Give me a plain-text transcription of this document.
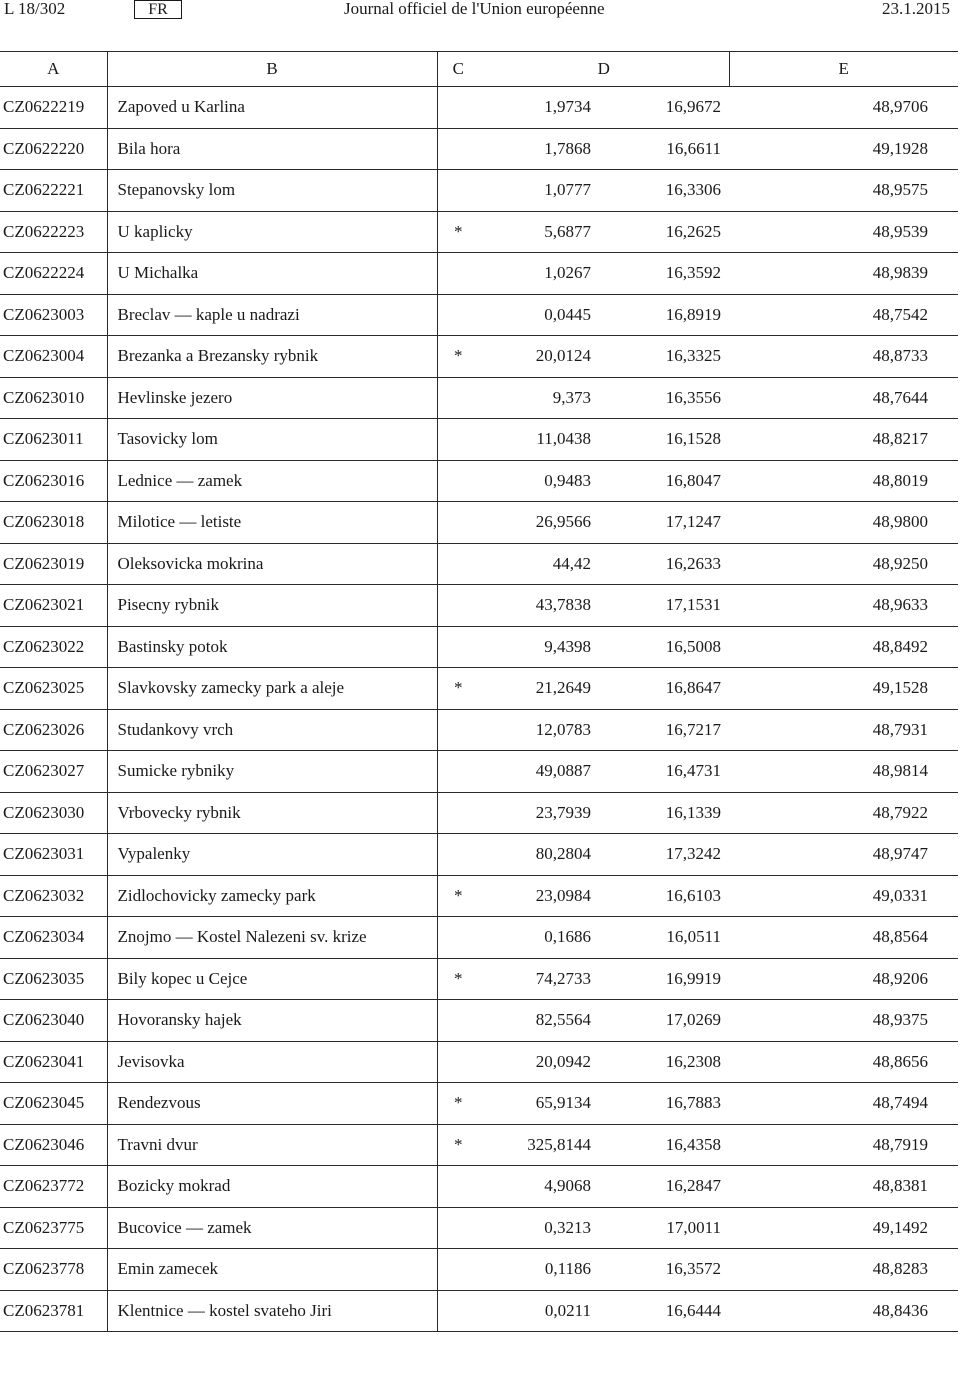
L 18/302	FR	Journal officiel de l'Union européenne	23.1.2015
A	B	C	D		E
CZ0622219	Zapoved u Karlina		1,9734	16,9672	48,9706
CZ0622220	Bila hora		1,7868	16,6611	49,1928
CZ0622221	Stepanovsky lom		1,0777	16,3306	48,9575
CZ0622223	U kaplicky	*	5,6877	16,2625	48,9539
CZ0622224	U Michalka		1,0267	16,3592	48,9839
CZ0623003	Breclav — kaple u nadrazi		0,0445	16,8919	48,7542
CZ0623004	Brezanka a Brezansky rybnik	*	20,0124	16,3325	48,8733
CZ0623010	Hevlinske jezero		9,373	16,3556	48,7644
CZ0623011	Tasovicky lom		11,0438	16,1528	48,8217
CZ0623016	Lednice — zamek		0,9483	16,8047	48,8019
CZ0623018	Milotice — letiste		26,9566	17,1247	48,9800
CZ0623019	Oleksovicka mokrina		44,42	16,2633	48,9250
CZ0623021	Pisecny rybnik		43,7838	17,1531	48,9633
CZ0623022	Bastinsky potok		9,4398	16,5008	48,8492
CZ0623025	Slavkovsky zamecky park a aleje	*	21,2649	16,8647	49,1528
CZ0623026	Studankovy vrch		12,0783	16,7217	48,7931
CZ0623027	Sumicke rybniky		49,0887	16,4731	48,9814
CZ0623030	Vrbovecky rybnik		23,7939	16,1339	48,7922
CZ0623031	Vypalenky		80,2804	17,3242	48,9747
CZ0623032	Zidlochovicky zamecky park	*	23,0984	16,6103	49,0331
CZ0623034	Znojmo — Kostel Nalezeni sv. krize		0,1686	16,0511	48,8564
CZ0623035	Bily kopec u Cejce	*	74,2733	16,9919	48,9206
CZ0623040	Hovoransky hajek		82,5564	17,0269	48,9375
CZ0623041	Jevisovka		20,0942	16,2308	48,8656
CZ0623045	Rendezvous	*	65,9134	16,7883	48,7494
CZ0623046	Travni dvur	*	325,8144	16,4358	48,7919
CZ0623772	Bozicky mokrad		4,9068	16,2847	48,8381
CZ0623775	Bucovice — zamek		0,3213	17,0011	49,1492
CZ0623778	Emin zamecek		0,1186	16,3572	48,8283
CZ0623781	Klentnice — kostel svateho Jiri		0,0211	16,6444	48,8436
